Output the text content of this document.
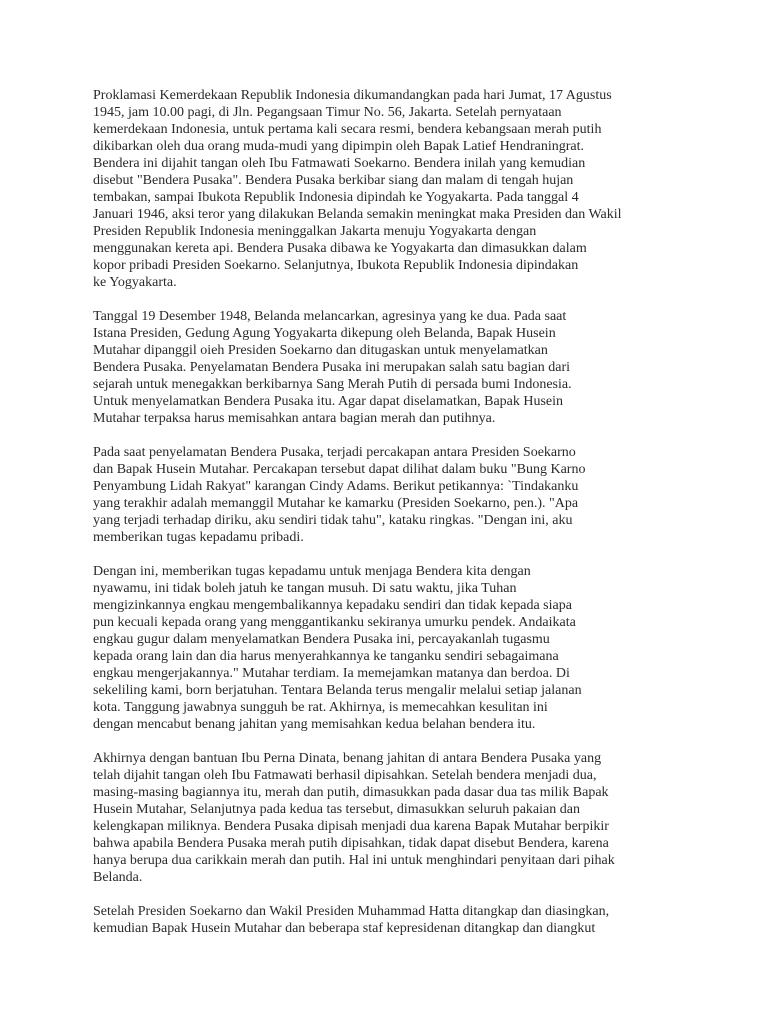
Proklamasi Kemerdekaan Republik Indonesia dikumandangkan pada hari Jumat, 17 Agustus
1945, jam 10.00 pagi, di Jln. Pegangsaan Timur No. 56, Jakarta. Setelah pernyataan
kemerdekaan Indonesia, untuk pertama kali secara resmi, bendera kebangsaan merah putih
dikibarkan oleh dua orang muda-mudi yang dipimpin oleh Bapak Latief Hendraningrat.
Bendera ini dijahit tangan oleh Ibu Fatmawati Soekarno. Bendera inilah yang kemudian
disebut "Bendera Pusaka". Bendera Pusaka berkibar siang dan malam di tengah hujan
tembakan, sampai Ibukota Republik Indonesia dipindah ke Yogyakarta. Pada tanggal 4
Januari 1946, aksi teror yang dilakukan Belanda semakin meningkat maka Presiden dan Wakil
Presiden Republik Indonesia meninggalkan Jakarta menuju Yogyakarta dengan
menggunakan kereta api. Bendera Pusaka dibawa ke Yogyakarta dan dimasukkan dalam
kopor pribadi Presiden Soekarno. Selanjutnya, Ibukota Republik Indonesia dipindakan
ke Yogyakarta.
Tanggal 19 Desember 1948, Belanda melancarkan, agresinya yang ke dua. Pada saat
Istana Presiden, Gedung Agung Yogyakarta dikepung oleh Belanda, Bapak Husein
Mutahar dipanggil oieh Presiden Soekarno dan ditugaskan untuk menyelamatkan
Bendera Pusaka. Penyelamatan Bendera Pusaka ini merupakan salah satu bagian dari
sejarah untuk menegakkan berkibarnya Sang Merah Putih di persada bumi Indonesia.
Untuk menyelamatkan Bendera Pusaka itu. Agar dapat diselamatkan, Bapak Husein
Mutahar terpaksa harus memisahkan antara bagian merah dan putihnya.
Pada saat penyelamatan Bendera Pusaka, terjadi percakapan antara Presiden Soekarno
dan Bapak Husein Mutahar. Percakapan tersebut dapat dilihat dalam buku "Bung Karno
Penyambung Lidah Rakyat" karangan Cindy Adams. Berikut petikannya: `Tindakanku
yang terakhir adalah memanggil Mutahar ke kamarku (Presiden Soekarno, pen.). "Apa
yang terjadi terhadap diriku, aku sendiri tidak tahu", kataku ringkas. "Dengan ini, aku
memberikan tugas kepadamu pribadi.
Dengan ini, memberikan tugas kepadamu untuk menjaga Bendera kita dengan
nyawamu, ini tidak boleh jatuh ke tangan musuh. Di satu waktu, jika Tuhan
mengizinkannya engkau mengembalikannya kepadaku sendiri dan tidak kepada siapa
pun kecuali kepada orang yang menggantikanku sekiranya umurku pendek. Andaikata
engkau gugur dalam menyelamatkan Bendera Pusaka ini, percayakanlah tugasmu
kepada orang lain dan dia harus menyerahkannya ke tanganku sendiri sebagaimana
engkau mengerjakannya." Mutahar terdiam. Ia memejamkan matanya dan berdoa. Di
sekeliling kami, born berjatuhan. Tentara Belanda terus mengalir melalui setiap jalanan
kota. Tanggung jawabnya sungguh be rat. Akhirnya, is memecahkan kesulitan ini
dengan mencabut benang jahitan yang memisahkan kedua belahan bendera itu.
Akhirnya dengan bantuan Ibu Perna Dinata, benang jahitan di antara Bendera Pusaka yang
telah dijahit tangan oleh Ibu Fatmawati berhasil dipisahkan. Setelah bendera menjadi dua,
masing-masing bagiannya itu, merah dan putih, dimasukkan pada dasar dua tas milik Bapak
Husein Mutahar, Selanjutnya pada kedua tas tersebut, dimasukkan seluruh pakaian dan
kelengkapan miliknya. Bendera Pusaka dipisah menjadi dua karena Bapak Mutahar berpikir
bahwa apabila Bendera Pusaka merah putih dipisahkan, tidak dapat disebut Bendera, karena
hanya berupa dua carikkain merah dan putih. Hal ini untuk menghindari penyitaan dari pihak
Belanda.
Setelah Presiden Soekarno dan Wakil Presiden Muhammad Hatta ditangkap dan diasingkan,
kemudian Bapak Husein Mutahar dan beberapa staf kepresidenan ditangkap dan diangkut
